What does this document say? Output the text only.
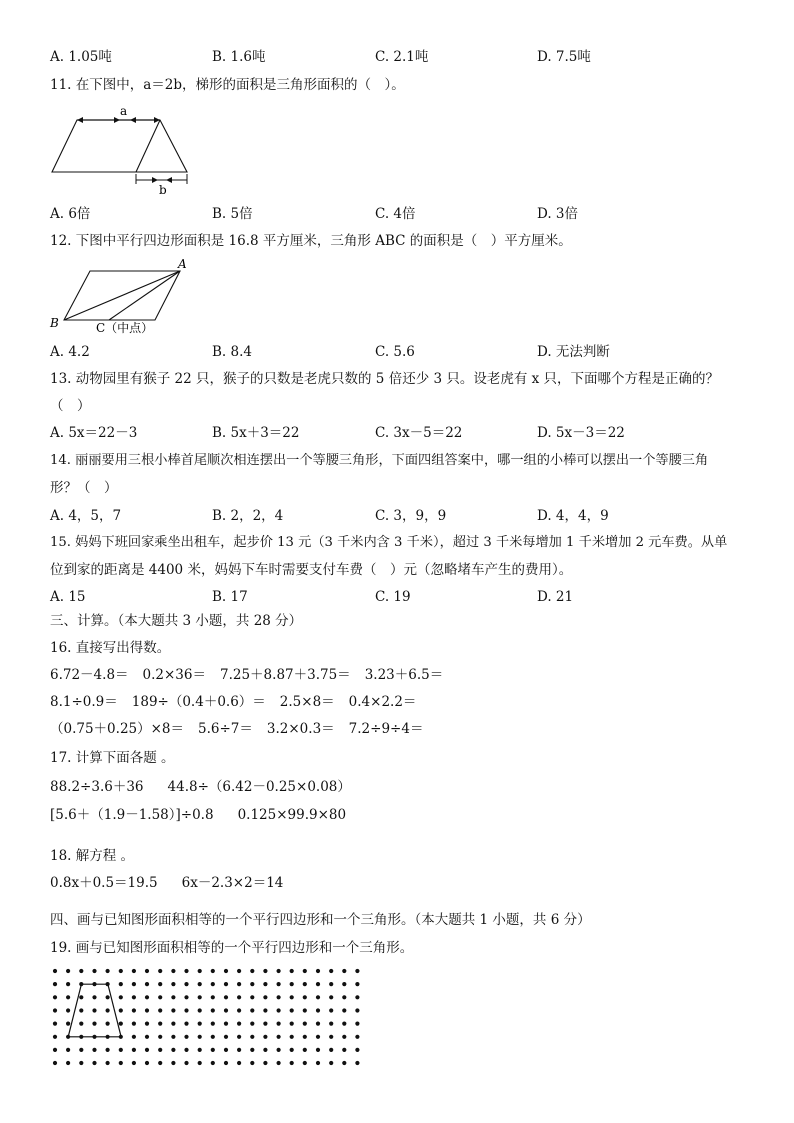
A. 1.05吨	B. 1.6吨	C. 2.1吨	D. 7.5吨
11. 在下图中，a＝2b，梯形的面积是三角形面积的（　）。
a
b
A. 6倍	B. 5倍	C. 4倍	D. 3倍
12. 下图中平行四边形面积是 16.8 平方厘米，三角形 ABC 的面积是（　）平方厘米。
A
B	C（中点）
A. 4.2	B. 8.4	C. 5.6	D. 无法判断
13. 动物园里有猴子 22 只，猴子的只数是老虎只数的 5 倍还少 3 只。设老虎有 x 只，下面哪个方程是正确的？
（　）
A. 5x＝22－3	B. 5x＋3＝22	C. 3x－5＝22	D. 5x－3＝22
14. 丽丽要用三根小棒首尾顺次相连摆出一个等腰三角形，下面四组答案中，哪一组的小棒可以摆出一个等腰三角
形？（　）
A. 4，5，7	B. 2，2，4	C. 3，9，9	D. 4，4，9
15. 妈妈下班回家乘坐出租车，起步价 13 元（3 千米内含 3 千米），超过 3 千米每增加 1 千米增加 2 元车费。从单
位到家的距离是 4400 米，妈妈下车时需要支付车费（　）元（忽略堵车产生的费用）。
A. 15	B. 17	C. 19	D. 21
三、计算。（本大题共 3 小题，共 28 分）
16. 直接写出得数。
6.72－4.8＝ 0.2×36＝ 7.25＋8.87＋3.75＝ 3.23＋6.5＝
8.1÷0.9＝ 189÷（0.4＋0.6）＝ 2.5×8＝ 0.4×2.2＝
（0.75＋0.25）×8＝ 5.6÷7＝ 3.2×0.3＝ 7.2÷9÷4＝
17. 计算下面各题 。
88.2÷3.6＋36 44.8÷（6.42－0.25×0.08）
[5.6＋（1.9－1.58）]÷0.8 0.125×99.9×80
18. 解方程 。
0.8x＋0.5＝19.5 6x－2.3×2＝14
四、画与已知图形面积相等的一个平行四边形和一个三角形。（本大题共 1 小题，共 6 分）
19. 画与已知图形面积相等的一个平行四边形和一个三角形。
